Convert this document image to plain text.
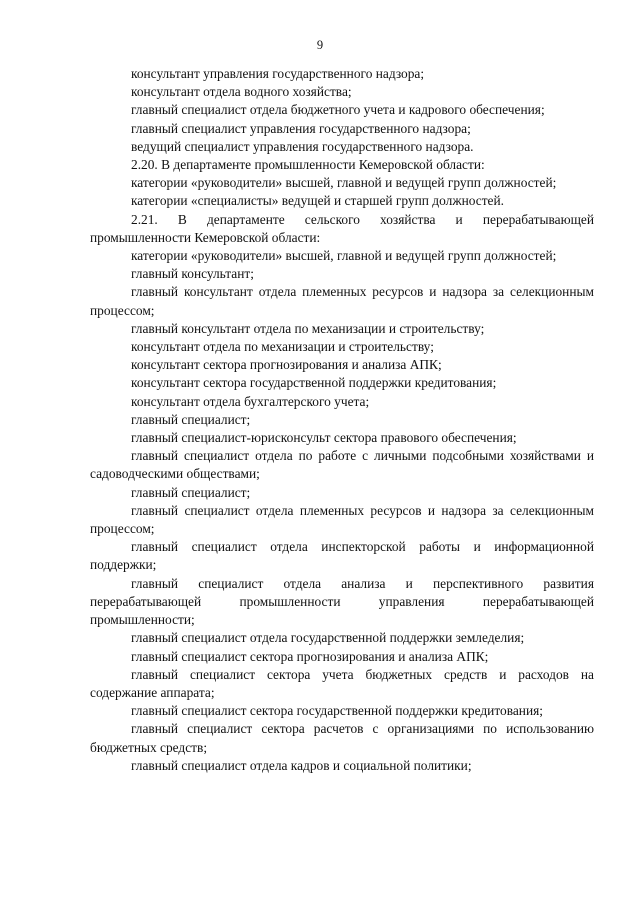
9

консультант управления государственного надзора;

консультант отдела водного хозяйства;

главный специалист отдела бюджетного учета и кадрового обеспечения;

главный специалист управления государственного надзора;

ведущий специалист управления государственного надзора.

2.20. В департаменте промышленности Кемеровской области:

категории «руководители» высшей, главной и ведущей групп должностей;

категории «специалисты» ведущей и старшей групп должностей.

2.21. В департаменте сельского хозяйства и перерабатывающей промышленности Кемеровской области:

категории «руководители» высшей, главной и ведущей групп должностей;

главный консультант;

главный консультант отдела племенных ресурсов и надзора за селекционным процессом;

главный консультант отдела по механизации и строительству;

консультант отдела по механизации и строительству;

консультант сектора прогнозирования и анализа АПК;

консультант сектора государственной поддержки кредитования;

консультант отдела бухгалтерского учета;

главный специалист;

главный специалист-юрисконсульт сектора правового обеспечения;

главный специалист отдела по работе с личными подсобными хозяйствами и садоводческими обществами;

главный специалист;

главный специалист отдела племенных ресурсов и надзора за селекционным процессом;

главный специалист отдела инспекторской работы и информационной поддержки;

главный специалист отдела анализа и перспективного развития перерабатывающей промышленности управления перерабатывающей промышленности;

главный специалист отдела государственной поддержки земледелия;

главный специалист сектора прогнозирования и анализа АПК;

главный специалист сектора учета бюджетных средств и расходов на содержание аппарата;

главный специалист сектора государственной поддержки кредитования;

главный специалист сектора расчетов с организациями по использованию бюджетных средств;

главный специалист отдела кадров и социальной политики;
